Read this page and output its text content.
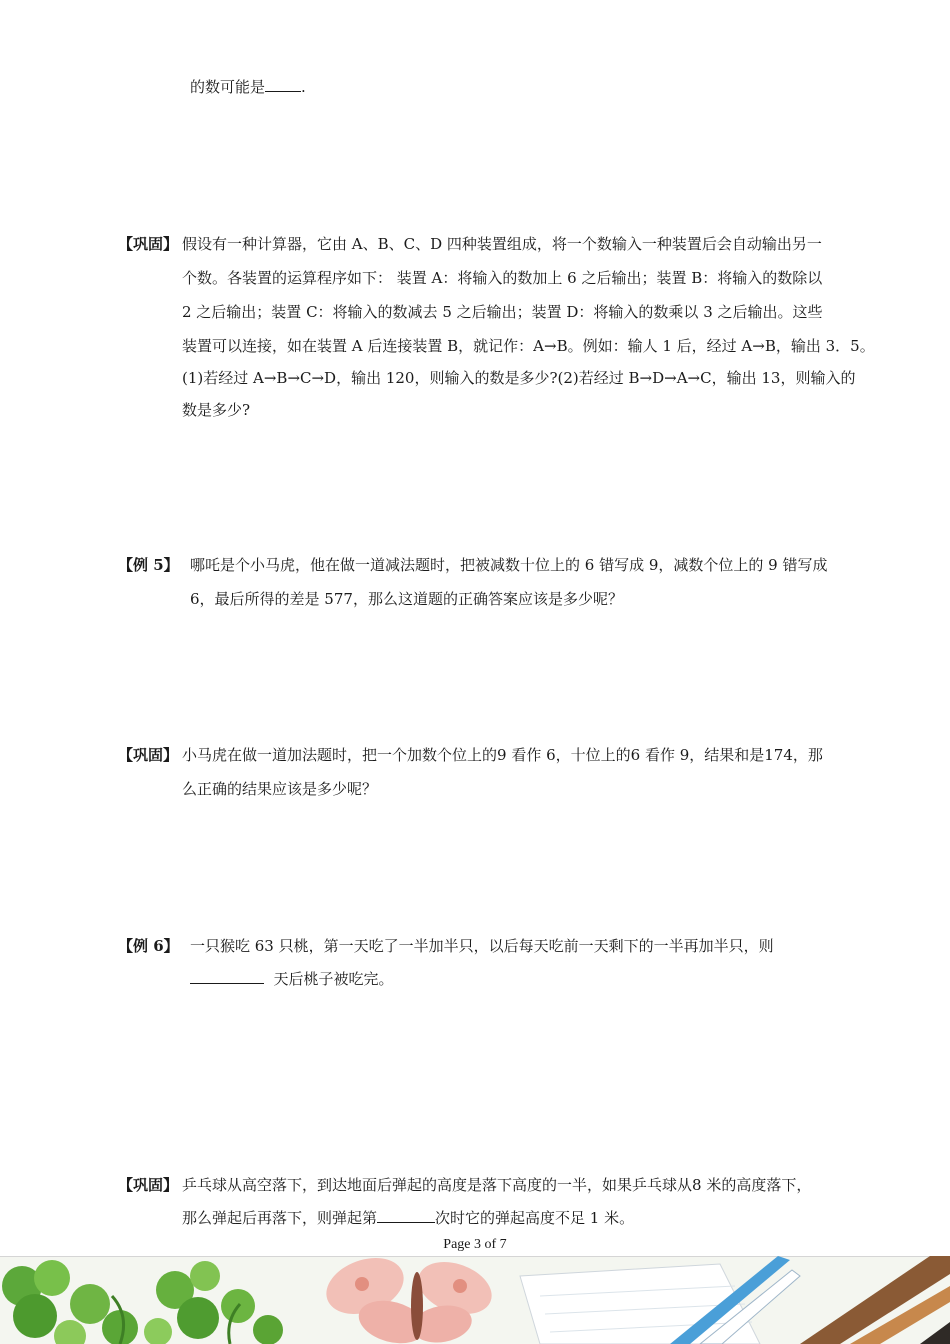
的数可能是 .
【巩固】 假设有一种计算器，它由 A、B、C、D 四种装置组成，将一个数输入一种装置后会自动输出另一
个数。各装置的运算程序如下： 装置 A：将输入的数加上 6 之后输出；装置 B：将输入的数除以
2 之后输出；装置 C：将输入的数减去 5 之后输出；装置 D：将输入的数乘以 3 之后输出。这些
装置可以连接，如在装置 A 后连接装置 B，就记作：A→B。例如：输人 1 后，经过 A→B，输出 3．5。
(1)若经过 A→B→C→D，输出 120，则输入的数是多少?(2)若经过 B→D→A→C，输出 13，则输入的
数是多少?
【例 5】 哪吒是个小马虎，他在做一道减法题时，把被减数十位上的 6 错写成 9，减数个位上的 9 错写成
6，最后所得的差是 577，那么这道题的正确答案应该是多少呢？
【巩固】 小马虎在做一道加法题时，把一个加数个位上的9 看作 6，十位上的6 看作 9，结果和是174，那
么正确的结果应该是多少呢？
【例 6】 一只猴吃 63 只桃，第一天吃了一半加半只，以后每天吃前一天剩下的一半再加半只，则
天后桃子被吃完。
【巩固】 乒乓球从高空落下，到达地面后弹起的高度是落下高度的一半，如果乒乓球从8 米的高度落下，
那么弹起后再落下，则弹起第	次时它的弹起高度不足 1 米。
Page 3 of 7
